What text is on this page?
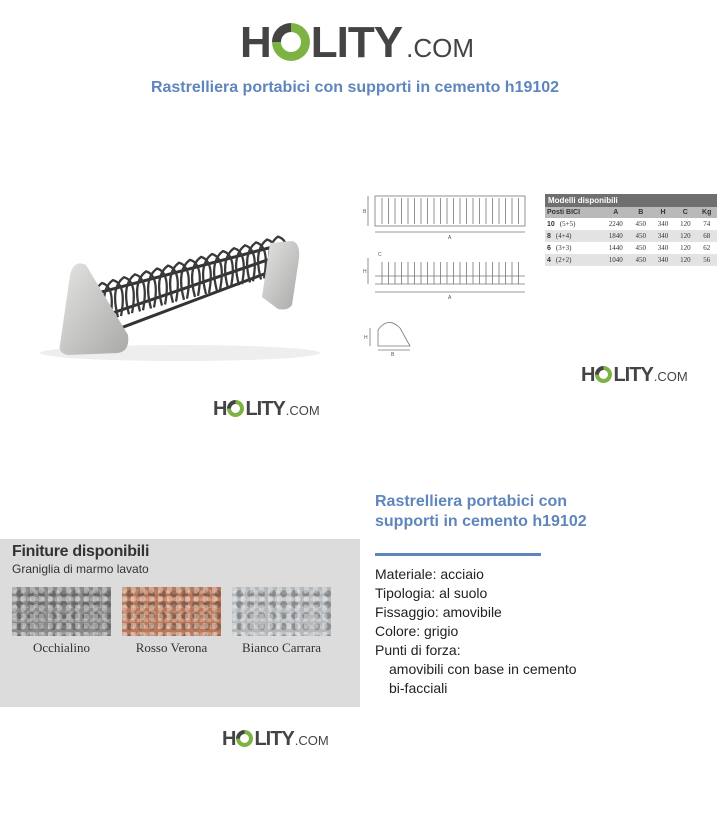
H LITY .COM
Rastrelliera portabici con supporti in cemento h19102
B
A
C
H
A
H
B
Modelli disponibili					
Posti BICI	A	B	H	C	Kg
10 (5+5)	2240	450	340	120	74
8 (4+4)	1840	450	340	120	68
6 (3+3)	1440	450	340	120	62
4 (2+2)	1040	450	340	120	56
H LITY .COM
H LITY .COM
H LITY .COM
Finiture disponibili
Graniglia di marmo lavato
Occhialino	Rosso Verona	Bianco Carrara
Rastrelliera portabici con supporti in cemento h19102
Materiale: acciaio
Tipologia: al suolo
Fissaggio: amovibile
Colore: grigio
Punti di forza:
amovibili con base in cemento
bi-facciali
